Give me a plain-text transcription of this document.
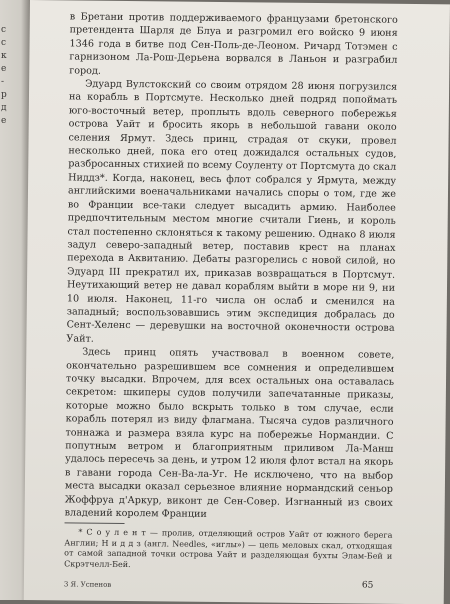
с
с
к
е
-
р
д
е

в Бретани против поддерживаемого французами бретонского претендента Шарля де Блуа и разгромил его войско 9 июня 1346 года в битве под Сен-Поль-де-Леоном. Ричард Тотэмен с гарнизоном Ла-Рош-Дерьена ворвался в Ланьон и разграбил город.

Эдуард Вулстокский со своим отрядом 28 июня погрузился на корабль в Портсмуте. Несколько дней подряд попоймать юго-восточный ветер, проплыть вдоль северного побережья острова Уайт и бросить якорь в небольшой гавани около селения Ярмут. Здесь принц, страдая от скуки, провел несколько дней, пока его отец дожидался остальных судов, разбросанных стихией по всему Соуленту от Портсмута до скал Ниддз*. Когда, наконец, весь флот собрался у Ярмута, между английскими военачальниками начались споры о том, где же во Франции все-таки следует высадить армию. Наиболее предпочтительным местом многие считали Гиень, и король стал постепенно склоняться к такому решению. Однако 8 июля задул северо-западный ветер, поставив крест на планах перехода в Аквитанию. Дебаты разгорелись с новой силой, но Эдуард III прекратил их, приказав возвращаться в Портсмут. Неутихающий ветер не давал кораблям выйти в море ни 9, ни 10 июля. Наконец, 11-го числа он ослаб и сменился на западный; воспользовавшись этим экспедиция добралась до Сент-Хеленс — деревушки на восточной оконечности острова Уайт.

Здесь принц опять участвовал в военном совете, окончательно разрешившем все сомнения и определившем точку высадки. Впрочем, для всех остальных она оставалась секретом: шкиперы судов получили запечатанные приказы, которые можно было вскрыть только в том случае, если корабль потерял из виду флагмана. Тысяча судов различного тоннажа и размера взяла курс на побережье Нормандии. С попутным ветром и благоприятным приливом Ла-Манш удалось пересечь за день, и утром 12 июля флот встал на якорь в гавани города Сен-Ва-ла-Уг. Не исключено, что на выбор места высадки оказал серьезное влияние нормандский сеньор Жоффруа д'Аркур, виконт де Сен-Совер. Изгнанный из своих владений королем Франции

* С о у л е н т — пролив, отделяющий остров Уайт от южного берега Англии; Н и д д з (англ. Needles, «иглы») — цепь меловых скал, отходящая от самой западной точки острова Уайт и разделяющая бухты Элам-Бей и Скрэтчелл-Бей.

3 Я. Успенов	65
